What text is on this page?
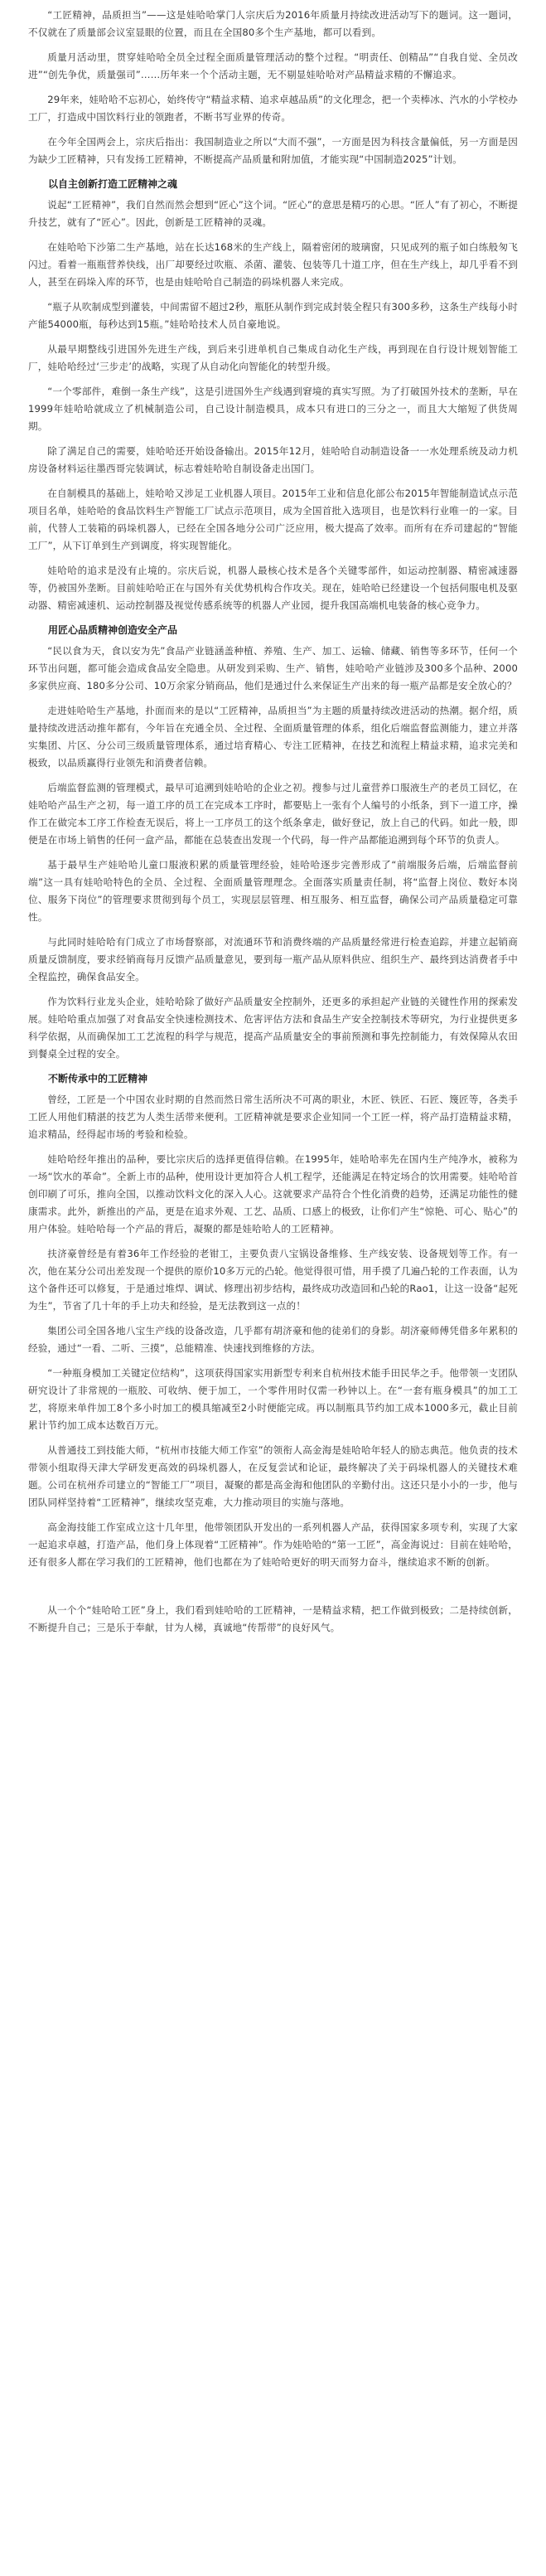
“工匠精神，品质担当”——这是娃哈哈掌门人宗庆后为2016年质量月持续改进活动写下的题词。这一题词，不仅就在了质量部会议室显眼的位置，而且在全国80多个生产基地，都可以看到。

质量月活动里，贯穿娃哈哈全员全过程全面质量管理活动的整个过程。“明责任、创精品”“自我自觉、全员改进”“创先争优，质量强司”……历年来一个个活动主题，无不剔显娃哈哈对产品精益求精的不懈追求。

29年来，娃哈哈不忘初心，始终传守“精益求精、追求卓越品质”的文化理念，把一个卖棒冰、汽水的小学校办工厂，打造成中国饮料行业的领跑者，不断书写业界的传奇。

在今年全国两会上，宗庆后指出：我国制造业之所以“大而不强”，一方面是因为科技含量偏低，另一方面是因为缺少工匠精神，只有发扬工匠精神，不断提高产品质量和附加值，才能实现“中国制造2025”计划。

以自主创新打造工匠精神之魂

说起“工匠精神”，我们自然而然会想到“匠心”这个词。“匠心”的意思是精巧的心思。“匠人”有了初心，不断提升技艺，就有了“匠心”。因此，创新是工匠精神的灵魂。

在娃哈哈下沙第二生产基地，站在长达168米的生产线上，隔着密闭的玻璃窗，只见成列的瓶子如白练般匆飞闪过。看着一瓶瓶营养快线，出厂却要经过吹瓶、杀菌、灌装、包装等几十道工序，但在生产线上，却几乎看不到人，甚至在码垛入库的环节，也是由娃哈哈自己制造的码垛机器人来完成。

“瓶子从吹制成型到灌装，中间需留不超过2秒，瓶胚从制作到完成封装全程只有300多秒，这条生产线每小时产能54000瓶，每秒达到15瓶。”娃哈哈技术人员自豪地说。

从最早期整线引进国外先进生产线，到后来引进单机自己集成自动化生产线，再到现在自行设计规划智能工厂，娃哈哈经过‘三步走’的战略，实现了从自动化向智能化的转型升级。

“一个零部件，难倒一条生产线”，这是引进国外生产线遇到窘境的真实写照。为了打破国外技术的垄断，早在1999年娃哈哈就成立了机械制造公司，自己设计制造模具，成本只有进口的三分之一，而且大大缩短了供货周期。

除了满足自己的需要，娃哈哈还开始设备输出。2015年12月，娃哈哈自动制造设备一一水处理系统及动力机房设备材料运往墨西哥完装调试，标志着娃哈哈自制设备走出国门。

在自制模具的基础上，娃哈哈又涉足工业机器人项目。2015年工业和信息化部公布2015年智能制造试点示范项目名单，娃哈哈的食品饮料生产智能工厂试点示范项目，成为全国首批入选项目，也是饮料行业唯一的一家。目前，代替人工装箱的码垛机器人，已经在全国各地分公司广泛应用，极大提高了效率。而所有在乔司建起的“智能工厂”，从下订单到生产到调度，将实现智能化。

娃哈哈的追求是没有止境的。宗庆后说，机器人最核心技术是各个关键零部件，如运动控制器、精密减速器等，仍被国外垄断。目前娃哈哈正在与国外有关优势机构合作攻关。现在，娃哈哈已经建设一个包括伺服电机及驱动器、精密减速机、运动控制器及视觉传感系统等的机器人产业园，提升我国高端机电装备的核心竞争力。

用匠心品质精神创造安全产品

“民以食为天，食以安为先”食品产业链涵盖种植、养殖、生产、加工、运输、储藏、销售等多环节，任何一个环节出问题，都可能会造成食品安全隐患。从研发到采购、生产、销售，娃哈哈产业链涉及300多个品种、2000多家供应商、180多分公司、10万余家分销商品，他们是通过什么来保证生产出来的每一瓶产品都是安全放心的？

走进娃哈哈生产基地，扑面而来的是以“工匠精神，品质担当”为主题的质量持续改进活动的热潮。据介绍，质量持续改进活动推年都有，今年旨在充通全员、全过程、全面质量管理的体系，组化后端监督监测能力，建立并落实集团、片区、分公司三级质量管理体系，通过培育精心、专注工匠精神，在技艺和流程上精益求精，追求完美和极致，以品质赢得行业领先和消费者信赖。

后端监督监测的管理模式，最早可追溯到娃哈哈的企业之初。搜参与过儿童营养口服液生产的老员工回忆，在娃哈哈产品生产之初，每一道工序的员工在完成本工序时，都要贴上一张有个人编号的小纸条，到下一道工序，操作工在做完本工序工作检查无误后，将上一工序员工的这个纸条拿走，做好登记，放上自己的代码。如此一般，即便是在市场上销售的任何一盒产品，都能在总装查出发现一个代码，每一件产品都能追溯到每个环节的负责人。

基于最早生产娃哈哈儿童口服液积累的质量管理经验，娃哈哈逐步完善形成了“前端服务后端，后端监督前端”这一具有娃哈哈特色的全员、全过程、全面质量管理理念。全面落实质量责任制，将“监督上岗位、数好本岗位、服务下岗位”的管理要求贯彻到每个员工，实现层层管理、相互服务、相互监督，确保公司产品质量稳定可靠性。

与此同时娃哈哈有门成立了市场督察部，对流通环节和消费终端的产品质量经常进行检查追踪，并建立起销商质量反馈制度，要求经销商每月反馈产品质量意见，要到每一瓶产品从原料供应、组织生产、最终到达消费者手中全程监控，确保食品安全。

作为饮料行业龙头企业，娃哈哈除了做好产品质量安全控制外，还更多的承担起产业链的关键性作用的探索发展。娃哈哈重点加强了对食品安全快速检测技术、危害评估方法和食品生产安全控制技术等研究，为行业提供更多科学依据，从而确保加工工艺流程的科学与规范，提高产品质量安全的事前预测和事先控制能力，有效保障从农田到餐桌全过程的安全。

不断传承中的工匠精神

曾经，工匠是一个中国农业时期的自然而然日常生活所决不可离的职业，木匠、铁匠、石匠、篾匠等，各类手工匠人用他们精湛的技艺为人类生活带来便利。工匠精神就是要求企业知同一个工匠一样，将产品打造精益求精，追求精品，经得起市场的考验和检验。

娃哈哈经年推出的品种，要比宗庆后的选择更值得信赖。在1995年，娃哈哈率先在国内生产纯净水，被称为一场“饮水的革命”。全新上市的品种，使用设计更加符合人机工程学，还能满足在特定场合的饮用需要。娃哈哈首创印刷了可乐，推向全国，以推动饮料文化的深入人心。这就要求产品符合个性化消费的趋势，还满足功能性的健康需求。此外，新推出的产品，更是在追求外观、工艺、品质、口感上的极致，让你们产生“惊艳、可心、贴心”的用户体验。娃哈哈每一个产品的背后，凝聚的都是娃哈哈人的工匠精神。

扶济豪曾经是有着36年工作经验的老钳工，主要负责八宝锅设备维修、生产线安装、设备规划等工作。有一次，他在某分公司出差发现一个提供的原价10多万元的凸轮。他觉得很可惜，用手摸了几遍凸轮的工作表面，认为这个备件还可以修复，于是通过堆焊、调试、修理出初步结构，最终成功改造回和凸轮的Rao1，让这一设备“起死为生”，节省了几十年的手上功夫和经验，是无法教到这一点的！

集团公司全国各地八宝生产线的设备改造，几乎都有胡济豪和他的徒弟们的身影。胡济豪师傅凭借多年累积的经验，通过“一看、二听、三摸”，总能精准、快速找到维修的方法。

“一种瓶身模加工关键定位结构”，这项获得国家实用新型专利来自杭州技术能手田民华之手。他带领一支团队研究设计了非常规的一瓶胶、可收纳、便于加工，一个零件用时仅需一秒钟以上。在“一套有瓶身模具”的加工工艺，将原来单件加工8个多小时加工的模具缩减至2小时便能完成。再以制瓶具节约加工成本1000多元，截止目前累计节约加工成本达数百万元。

从普通技工到技能大师，“杭州市技能大师工作室”的领衔人高金海是娃哈哈年轻人的励志典范。他负责的技术带领小组取得天津大学研发更高效的码垛机器人，在反复尝试和论证，最终解决了关于码垛机器人的关键技术难题。公司在杭州乔司建立的“智能工厂”项目，凝聚的都是高金海和他团队的辛勤付出。这还只是小小的一步，他与团队同样坚持着“工匠精神”，继续攻坚克难，大力推动项目的实施与落地。

高金海技能工作室成立这十几年里，他带领团队开发出的一系列机器人产品，获得国家多项专利，实现了大家一起追求卓越，打造产品，他们身上体现着“工匠精神”。作为娃哈哈的“第一工匠”，高金海说过：目前在娃哈哈，还有很多人都在学习我们的工匠精神，他们也都在为了娃哈哈更好的明天而努力奋斗，继续追求不断的创新。

从一个个“娃哈哈工匠”身上，我们看到娃哈哈的工匠精神，一是精益求精，把工作做到极致；二是持续创新，不断提升自己；三是乐于奉献，甘为人梯，真诚地“传帮带”的良好风气。
